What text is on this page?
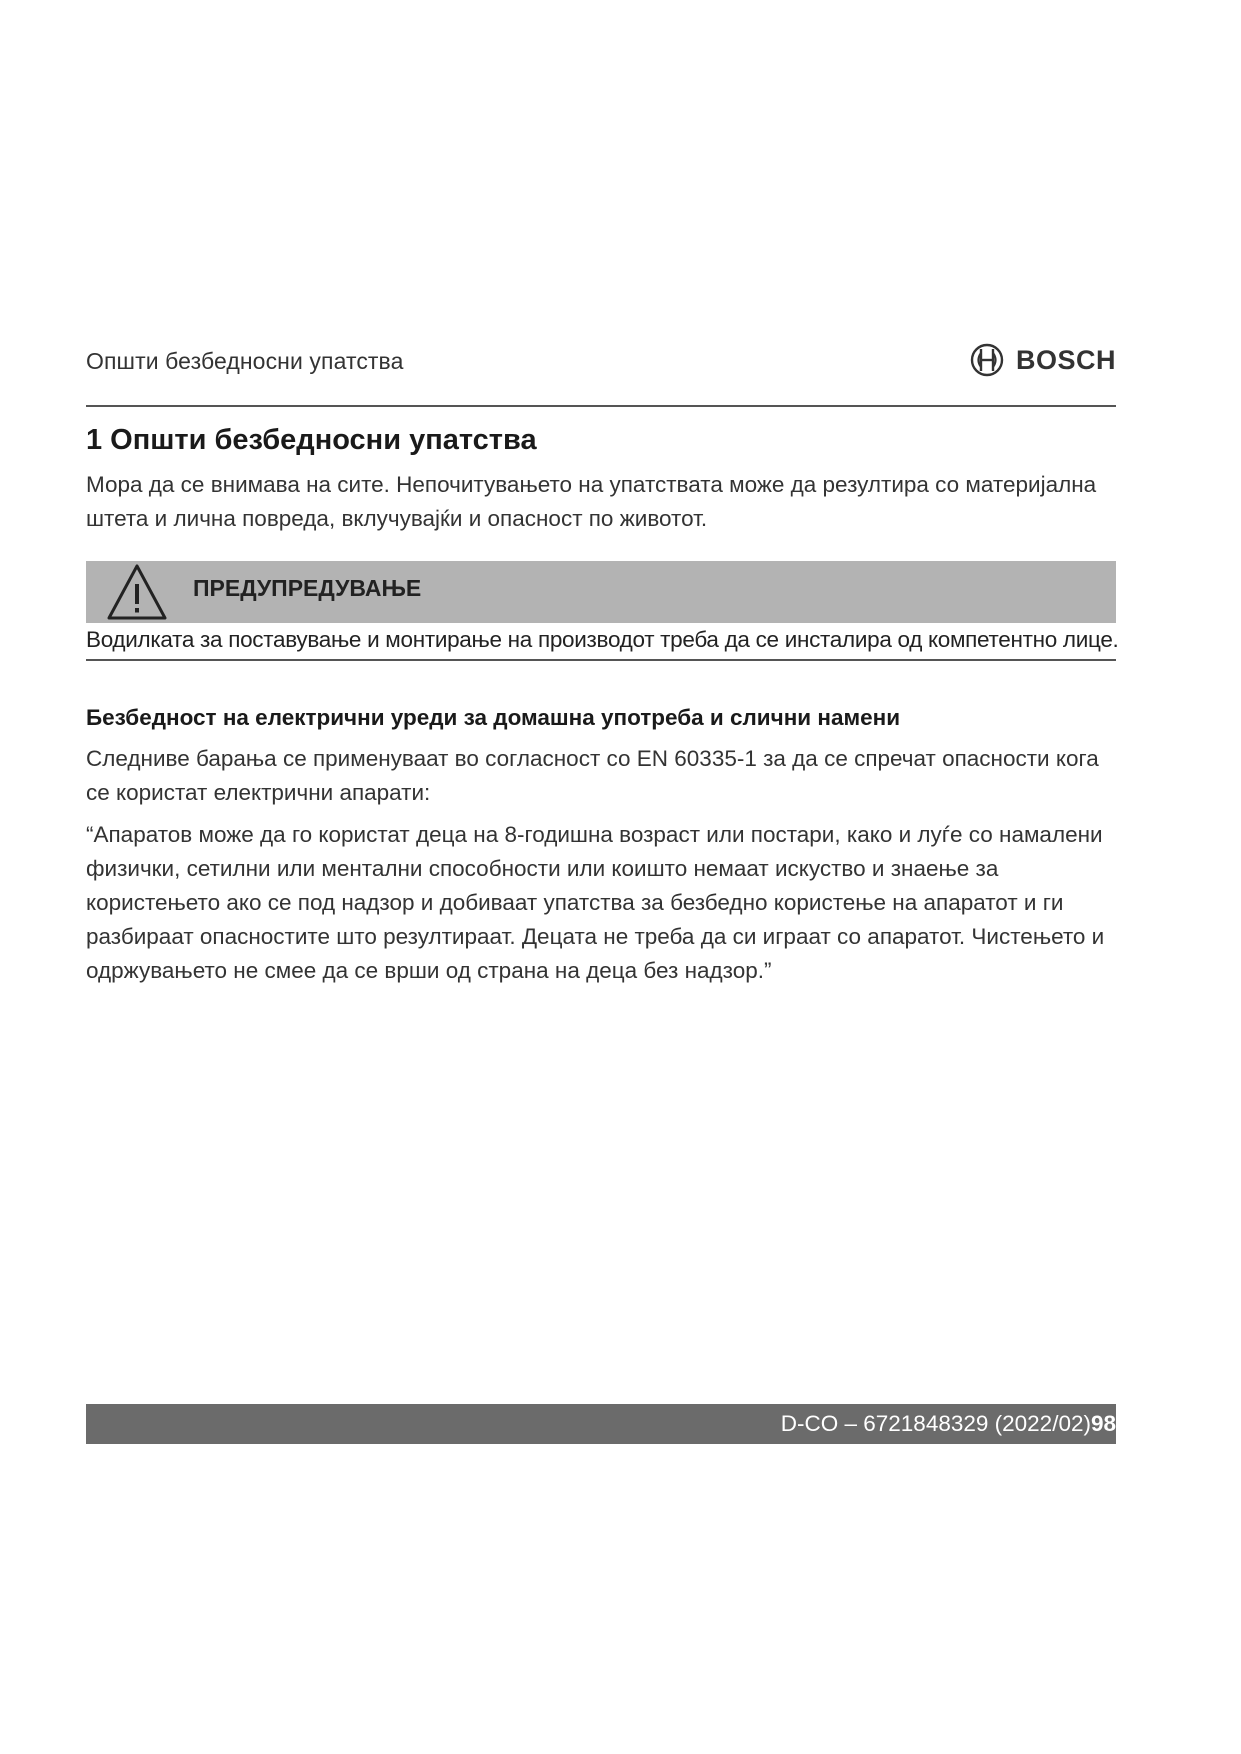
Општи безбедносни упатства	BOSCH
1 Општи безбедносни упатства

Мора да се внимава на сите. Непочитувањето на упатствата може да резултира со материјална штета и лична повреда, вклучувајќи и опасност по животот.

ПРЕДУПРЕДУВАЊЕ
Водилката за поставување и монтирање на производот треба да се инсталира од компетентно лице.
Безбедност на електрични уреди за домашна употреба и слични намени

Следниве барања се применуваат во согласност со EN 60335-1 за да се спречат опасности кога се користат електрични апарати:

“Апаратов може да го користат деца на 8-годишна возраст или постари, како и луѓе со намалени физички, сетилни или ментални способности или коишто немаат искуство и знаење за користењето ако се под надзор и добиваат упатства за безбедно користење на апаратот и ги разбираат опасностите што резултираат. Децата не треба да си играат со апаратот. Чистењето и одржувањето не смее да се врши од страна на деца без надзор.”

D-CO – 6721848329 (2022/02)98
